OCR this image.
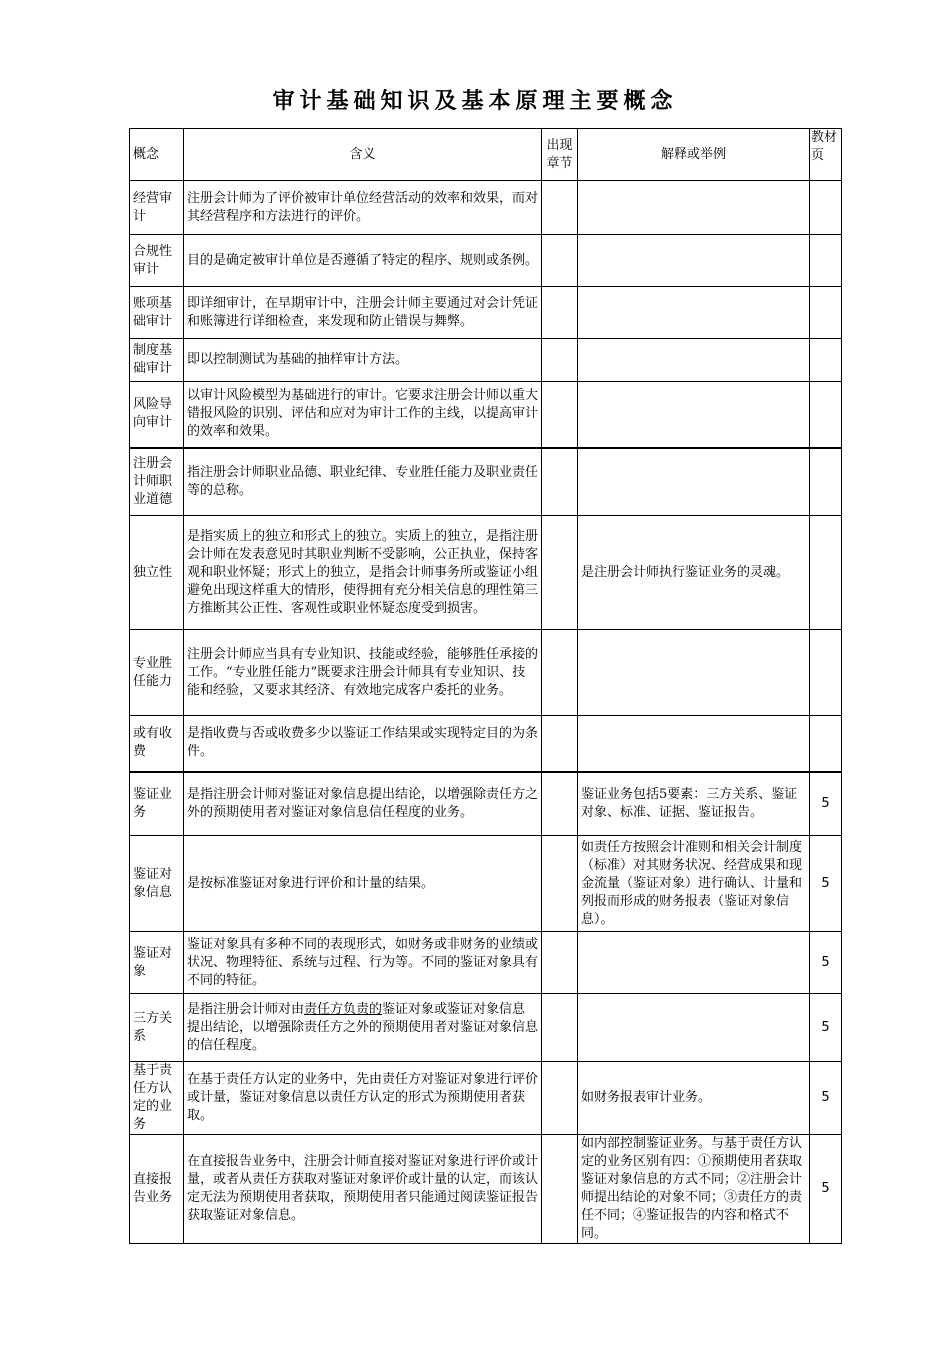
审计基础知识及基本原理主要概念
概念	含义	出现章节	解释或举例	教材页
经营审计	注册会计师为了评价被审计单位经营活动的效率和效果，而对其经营程序和方法进行的评价。			
合规性审计	目的是确定被审计单位是否遵循了特定的程序、规则或条例。			
账项基础审计	即详细审计，在早期审计中，注册会计师主要通过对会计凭证和账簿进行详细检查，来发现和防止错误与舞弊。			
制度基础审计	即以控制测试为基础的抽样审计方法。			
风险导向审计	以审计风险模型为基础进行的审计。它要求注册会计师以重大错报风险的识别、评估和应对为审计工作的主线，以提高审计的效率和效果。			
注册会计师职业道德	指注册会计师职业品德、职业纪律、专业胜任能力及职业责任等的总称。			
独立性	是指实质上的独立和形式上的独立。实质上的独立，是指注册会计师在发表意见时其职业判断不受影响，公正执业，保持客观和职业怀疑；形式上的独立，是指会计师事务所或鉴证小组避免出现这样重大的情形，使得拥有充分相关信息的理性第三方推断其公正性、客观性或职业怀疑态度受到损害。		是注册会计师执行鉴证业务的灵魂。	
专业胜任能力	注册会计师应当具有专业知识、技能或经验，能够胜任承接的工作。“专业胜任能力”既要求注册会计师具有专业知识、技能和经验，又要求其经济、有效地完成客户委托的业务。			
或有收费	是指收费与否或收费多少以鉴证工作结果或实现特定目的为条件。			
鉴证业务	是指注册会计师对鉴证对象信息提出结论，以增强除责任方之外的预期使用者对鉴证对象信息信任程度的业务。		鉴证业务包括5要素：三方关系、鉴证对象、标准、证据、鉴证报告。	5
鉴证对象信息	是按标准鉴证对象进行评价和计量的结果。		如责任方按照会计准则和相关会计制度（标准）对其财务状况、经营成果和现金流量（鉴证对象）进行确认、计量和列报而形成的财务报表（鉴证对象信息）。	5
鉴证对象	鉴证对象具有多种不同的表现形式，如财务或非财务的业绩或状况、物理特征、系统与过程、行为等。不同的鉴证对象具有不同的特征。			5
三方关系	是指注册会计师对由责任方负责的鉴证对象或鉴证对象信息提出结论，以增强除责任方之外的预期使用者对鉴证对象信息的信任程度。			5
基于责任方认定的业务	在基于责任方认定的业务中，先由责任方对鉴证对象进行评价或计量，鉴证对象信息以责任方认定的形式为预期使用者获取。		如财务报表审计业务。	5
直接报告业务	在直接报告业务中，注册会计师直接对鉴证对象进行评价或计量，或者从责任方获取对鉴证对象评价或计量的认定，而该认定无法为预期使用者获取，预期使用者只能通过阅读鉴证报告获取鉴证对象信息。		如内部控制鉴证业务。与基于责任方认定的业务区别有四：①预期使用者获取鉴证对象信息的方式不同；②注册会计师提出结论的对象不同；③责任方的责任不同；④鉴证报告的内容和格式不同。	5
